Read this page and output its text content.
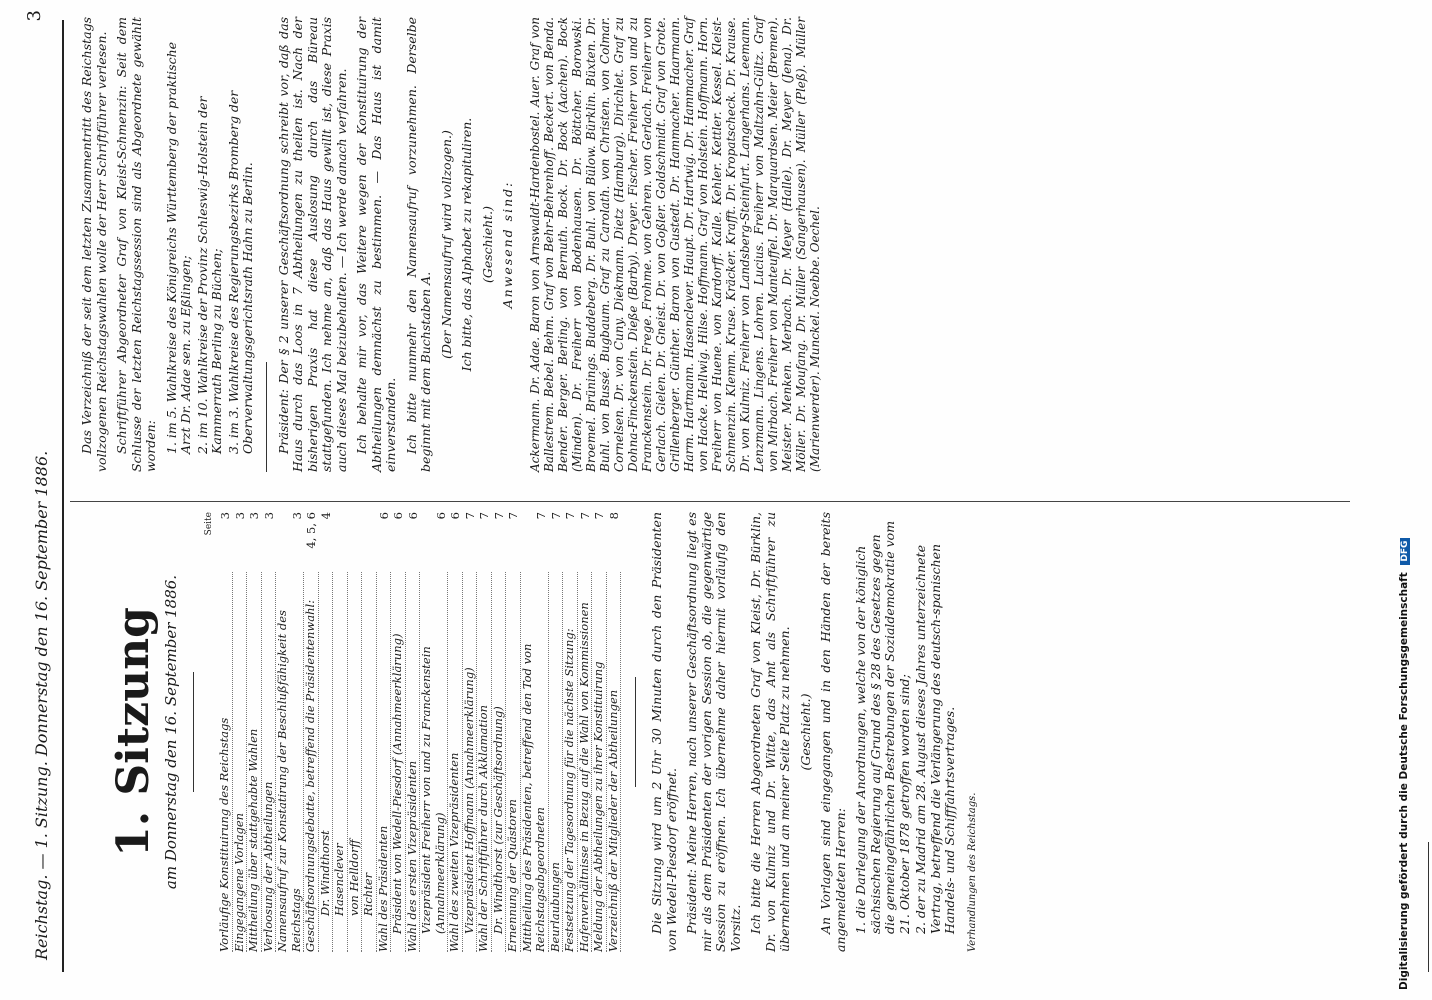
Reichstag. — 1. Sitzung. Donnerstag den 16. September 1886.
3
1. Sitzung am Donnerstag den 16. September 1886.
Seite
Vorläufige Konstituirung des Reichstags
3
Eingegangene Vorlagen
3
Mittheilung über stattgehabte Wahlen
3
Verloosung der Abtheilungen
3
Namensaufruf zur Konstatirung der Beschlußfähigkeit des Reichstags
3
Geschäftsordnungsdebatte, betreffend die Präsidentenwahl:
4, 5, 6
Dr. Windthorst
4
Hasenclever von Helldorff Richter Wahl des Präsidenten
6
Präsident von Wedell-Piesdorf (Annahmeerklärung)
6
Wahl des ersten Vizepräsidenten
6
Vizepräsident Freiherr von und zu Franckenstein (Annahmeerklärung)
6
Wahl des zweiten Vizepräsidenten
6
Vizepräsident Hoffmann (Annahmeerklärung)
7
Wahl der Schriftführer durch Akklamation
7
Dr. Windthorst (zur Geschäftsordnung)
7
Ernennung der Quästoren
7
Mittheilung des Präsidenten, betreffend den Tod von Reichstagsabgeordneten
7
Beurlaubungen
7
Festsetzung der Tagesordnung für die nächste Sitzung:
7
Hafenverhältnisse in Bezug auf die Wahl von Kommissionen
7
Meldung der Abtheilungen zu ihrer Konstituirung
7
Verzeichniß der Mitglieder der Abtheilungen
8 Die Sitzung wird um 2 Uhr 30 Minuten durch den Präsidenten von Wedell-Piesdorf eröffnet. Präsident: Meine Herren, nach unserer Geschäftsordnung liegt es mir als dem Präsidenten der vorigen Session ob, die gegenwärtige Session zu eröffnen. Ich übernehme daher hiermit vorläufig den Vorsitz. Ich bitte die Herren Abgeordneten Graf von Kleist, Dr. Bürklin, Dr. von Kulmiz und Dr. Witte, das Amt als Schriftführer zu übernehmen und an meiner Seite Platz zu nehmen. (Geschieht.) An Vorlagen sind eingegangen und in den Händen der bereits angemeldeten Herren: 1. die Darlegung der Anordnungen, welche von der königlich sächsischen Regierung auf Grund des § 28 des Gesetzes gegen die gemeingefährlichen Bestrebungen der Sozialdemokratie vom 21. Oktober 1878 getroffen worden sind; 2. der zu Madrid am 28. August dieses Jahres unterzeichnete Vertrag, betreffend die Verlängerung des deutsch-spanischen Handels- und Schifffahrtsvertrages. Verhandlungen des Reichstags.

Das Verzeichniß der seit dem letzten Zusammentritt des Reichstags vollzogenen Reichstagswahlen wolle der Herr Schriftführer verlesen. Schriftführer Abgeordneter Graf von Kleist-Schmenzin: Seit dem Schlusse der letzten Reichstagssession sind als Abgeordnete gewählt worden: 1. im 5. Wahlkreise des Königreichs Württemberg der praktische Arzt Dr. Adae sen. zu Eßlingen; 2. im 10. Wahlkreise der Provinz Schleswig-Holstein der Kammerrath Berling zu Büchen; 3. im 3. Wahlkreise des Regierungsbezirks Bromberg der Oberverwaltungsgerichtsrath Hahn zu Berlin. Präsident: Der § 2 unserer Geschäftsordnung schreibt vor, daß das Haus durch das Loos in 7 Abtheilungen zu theilen ist. Nach der bisherigen Praxis hat diese Auslosung durch das Büreau stattgefunden. Ich nehme an, daß das Haus gewillt ist, diese Praxis auch dieses Mal beizubehalten. — Ich werde danach verfahren. Ich behalte mir vor, das Weitere wegen der Konstituirung der Abtheilungen demnächst zu bestimmen. — Das Haus ist damit einverstanden. Ich bitte nunmehr den Namensaufruf vorzunehmen. Derselbe beginnt mit dem Buchstaben A.

(Der Namensaufruf wird vollzogen.) Ich bitte, das Alphabet zu rekapituliren. (Geschieht.) Anwesend sind: Ackermann. Dr. Adae. Baron von Arnswaldt-Hardenbostel. Auer. Graf von Ballestrem. Bebel. Behm. Graf von Behr-Behrenhoff. Beckert. von Benda. Bender. Berger. Berling. von Bernuth. Bock. Dr. Bock (Aachen). Bock (Minden). Dr. Freiherr von Bodenhausen. Dr. Böttcher. Borowski. Broemel. Brünings. Buddeberg. Dr. Buhl. von Bülow. Bürklin. Büxten. Dr. Buhl. von Bussé. Bugbaum. Graf zu Carolath. von Christen. von Colmar. Cornelsen. Dr. von Cuny. Diekmann. Dietz (Hamburg). Dirichlet. Graf zu Dohna-Finckenstein. Dieße (Barby). Dreyer. Fischer. Freiherr von und zu Franckenstein. Dr. Frege. Frohme. von Gehren. von Gerlach. Freiherr von Gerlach. Gielen. Dr. Gneist. Dr. von Goßler. Goldschmidt. Graf von Grote. Grillenberger. Günther. Baron von Gustedt. Dr. Hammacher. Haarmann. Harm. Hartmann. Hasenclever. Haupt. Dr. Hartwig. Dr. Hammacher. Graf von Hacke. Hellwig. Hilse. Hoffmann. Graf von Holstein. Hoffmann. Horn. Freiherr von Huene. von Kardorff. Kalle. Kehler. Kettler. Kessel. Kleist-Schmenzin. Klemm. Kruse. Kräcker. Krafft. Dr. Kropatscheck. Dr. Krause. Dr. von Kulmiz. Freiherr von Landsberg-Steinfurt. Langerhans. Leemann. Lenzmann. Lingens. Lohren. Lucius. Freiherr von Maltzahn-Gültz. Graf von Mirbach. Freiherr von Manteuffel. Dr. Marquardsen. Meier (Bremen). Meister. Menken. Merbach. Dr. Meyer (Halle). Dr. Meyer (Jena). Dr. Möller. Dr. Moufang. Dr. Müller (Sangerhausen). Müller (Pleß). Müller (Marienwerder). Munckel. Noebbe. Oechel.

Digitalisierung gefördert durch die Deutsche Forschungsgemeinschaft DFG
